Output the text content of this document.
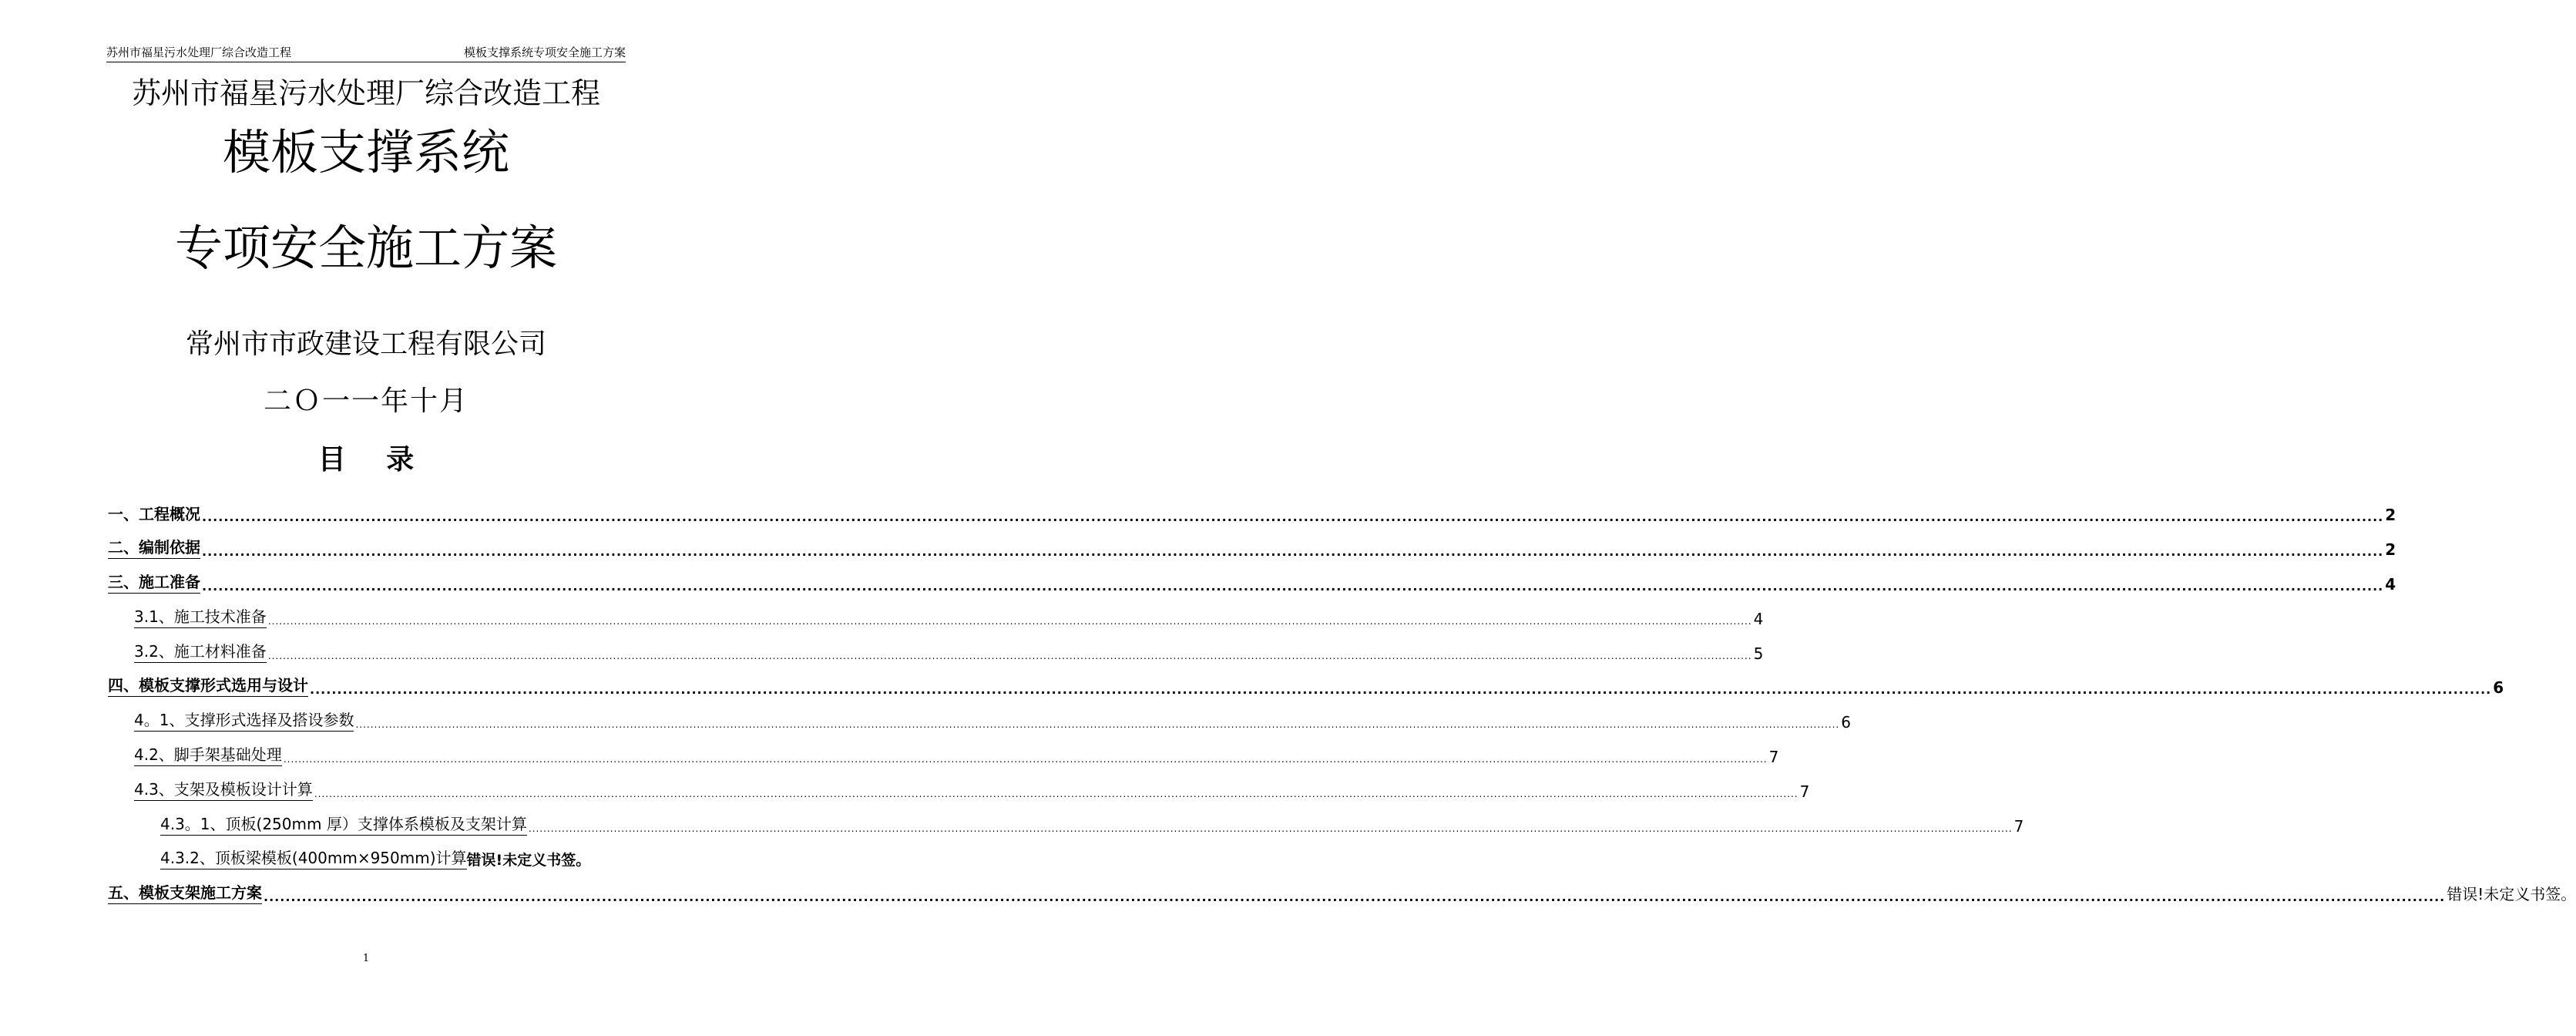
苏州市福星污水处理厂综合改造工程	模板支撑系统专项安全施工方案
苏州市福星污水处理厂综合改造工程
模板支撑系统
专项安全施工方案
常州市市政建设工程有限公司
二Ｏ一一年十月
目 录
一、工程概况 ................................................................................................................................................................................................................................................................................................................................................................................................................ 2
二、编制依据 ................................................................................................................................................................................................................................................................................................................................................................................................................ 2
三、施工准备 ................................................................................................................................................................................................................................................................................................................................................................................................................ 4
3.1、施工技术准备 ................................................................................................................................................................................................................................................................................................................................................................................................................ 4
3.2、施工材料准备 ................................................................................................................................................................................................................................................................................................................................................................................................................ 5
四、模板支撑形式选用与设计 ................................................................................................................................................................................................................................................................................................................................................................................................................ 6
4。1、支撑形式选择及搭设参数 ................................................................................................................................................................................................................................................................................................................................................................................................................ 6
4.2、脚手架基础处理 ................................................................................................................................................................................................................................................................................................................................................................................................................ 7
4.3、支架及模板设计计算 ................................................................................................................................................................................................................................................................................................................................................................................................................ 7
4.3。1、顶板(250mm 厚）支撑体系模板及支架计算 ................................................................................................................................................................................................................................................................................................................................................................................................................ 7
4.3.2、顶板梁模板(400mm×950mm)计算 错误!未定义书签。
五、模板支架施工方案 ................................................................................................................................................................................................................................................................................................................................................................................................................ 错误!未定义书签。
1
